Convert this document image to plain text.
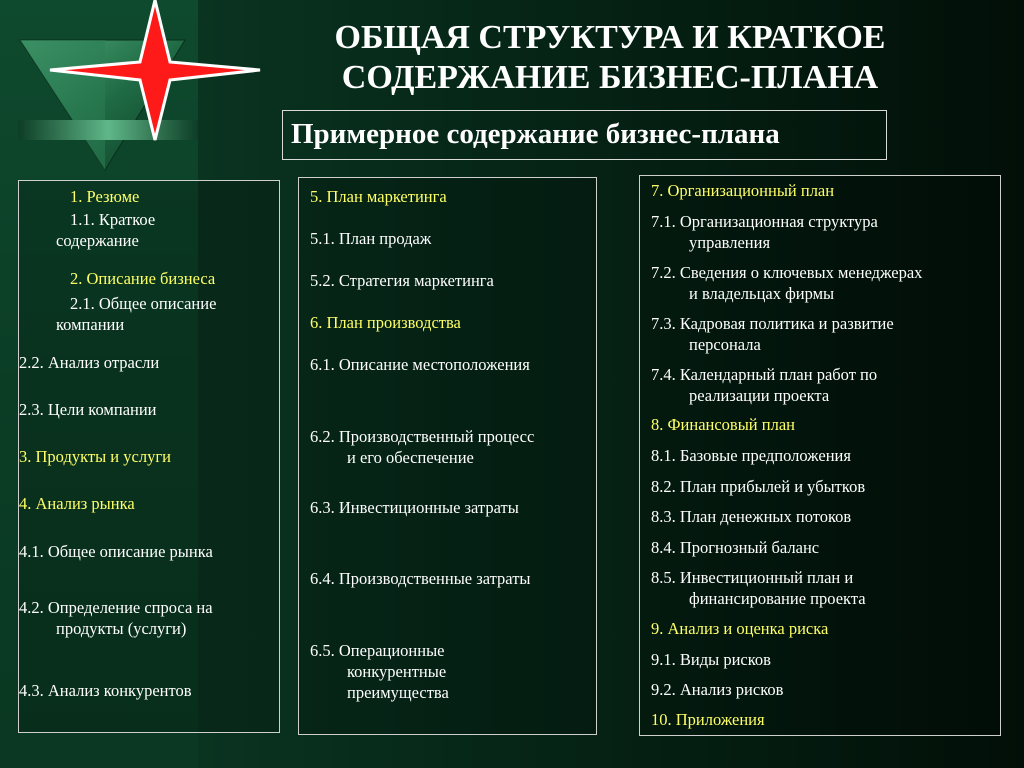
ОБЩАЯ СТРУКТУРА И КРАТКОЕ
СОДЕРЖАНИЕ БИЗНЕС-ПЛАНА
Примерное содержание бизнес-плана
1. Резюме
1.1. Краткое
содержание
2. Описание бизнеса
2.1. Общее описание
компании
2.2. Анализ отрасли
2.3. Цели компании
3. Продукты и услуги
4. Анализ рынка
4.1. Общее описание рынка
4.2. Определение спроса на
продукты (услуги)
4.3. Анализ конкурентов
5. План маркетинга
5.1. План продаж
5.2. Стратегия маркетинга
6. План производства
6.1. Описание местоположения
6.2. Производственный процесс
и его обеспечение
6.3. Инвестиционные затраты
6.4. Производственные затраты
6.5. Операционные
конкурентные
преимущества
7. Организационный план
7.1. Организационная структура
управления
7.2. Сведения о ключевых менеджерах
и владельцах фирмы
7.3. Кадровая политика и развитие
персонала
7.4. Календарный план работ по
реализации проекта
8. Финансовый план
8.1. Базовые предположения
8.2. План прибылей и убытков
8.3. План денежных потоков
8.4. Прогнозный баланс
8.5. Инвестиционный план и
финансирование проекта
9. Анализ и оценка риска
9.1. Виды рисков
9.2. Анализ рисков
10. Приложения
